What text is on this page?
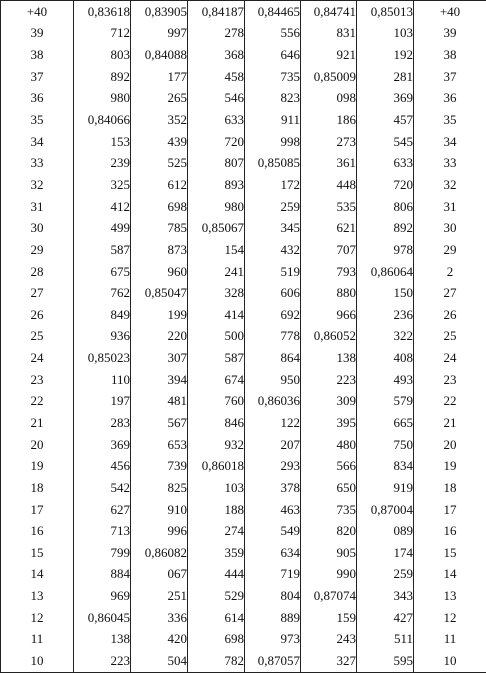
+40	0,83618	0,83905	0,84187	0,84465	0,84741	0,85013	+40
39	712	997	278	556	831	103	39
38	803	0,84088	368	646	921	192	38
37	892	177	458	735	0,85009	281	37
36	980	265	546	823	098	369	36
35	0,84066	352	633	911	186	457	35
34	153	439	720	998	273	545	34
33	239	525	807	0,85085	361	633	33
32	325	612	893	172	448	720	32
31	412	698	980	259	535	806	31
30	499	785	0,85067	345	621	892	30
29	587	873	154	432	707	978	29
28	675	960	241	519	793	0,86064	2
27	762	0,85047	328	606	880	150	27
26	849	199	414	692	966	236	26
25	936	220	500	778	0,86052	322	25
24	0,85023	307	587	864	138	408	24
23	110	394	674	950	223	493	23
22	197	481	760	0,86036	309	579	22
21	283	567	846	122	395	665	21
20	369	653	932	207	480	750	20
19	456	739	0,86018	293	566	834	19
18	542	825	103	378	650	919	18
17	627	910	188	463	735	0,87004	17
16	713	996	274	549	820	089	16
15	799	0,86082	359	634	905	174	15
14	884	067	444	719	990	259	14
13	969	251	529	804	0,87074	343	13
12	0,86045	336	614	889	159	427	12
11	138	420	698	973	243	511	11
10	223	504	782	0,87057	327	595	10
